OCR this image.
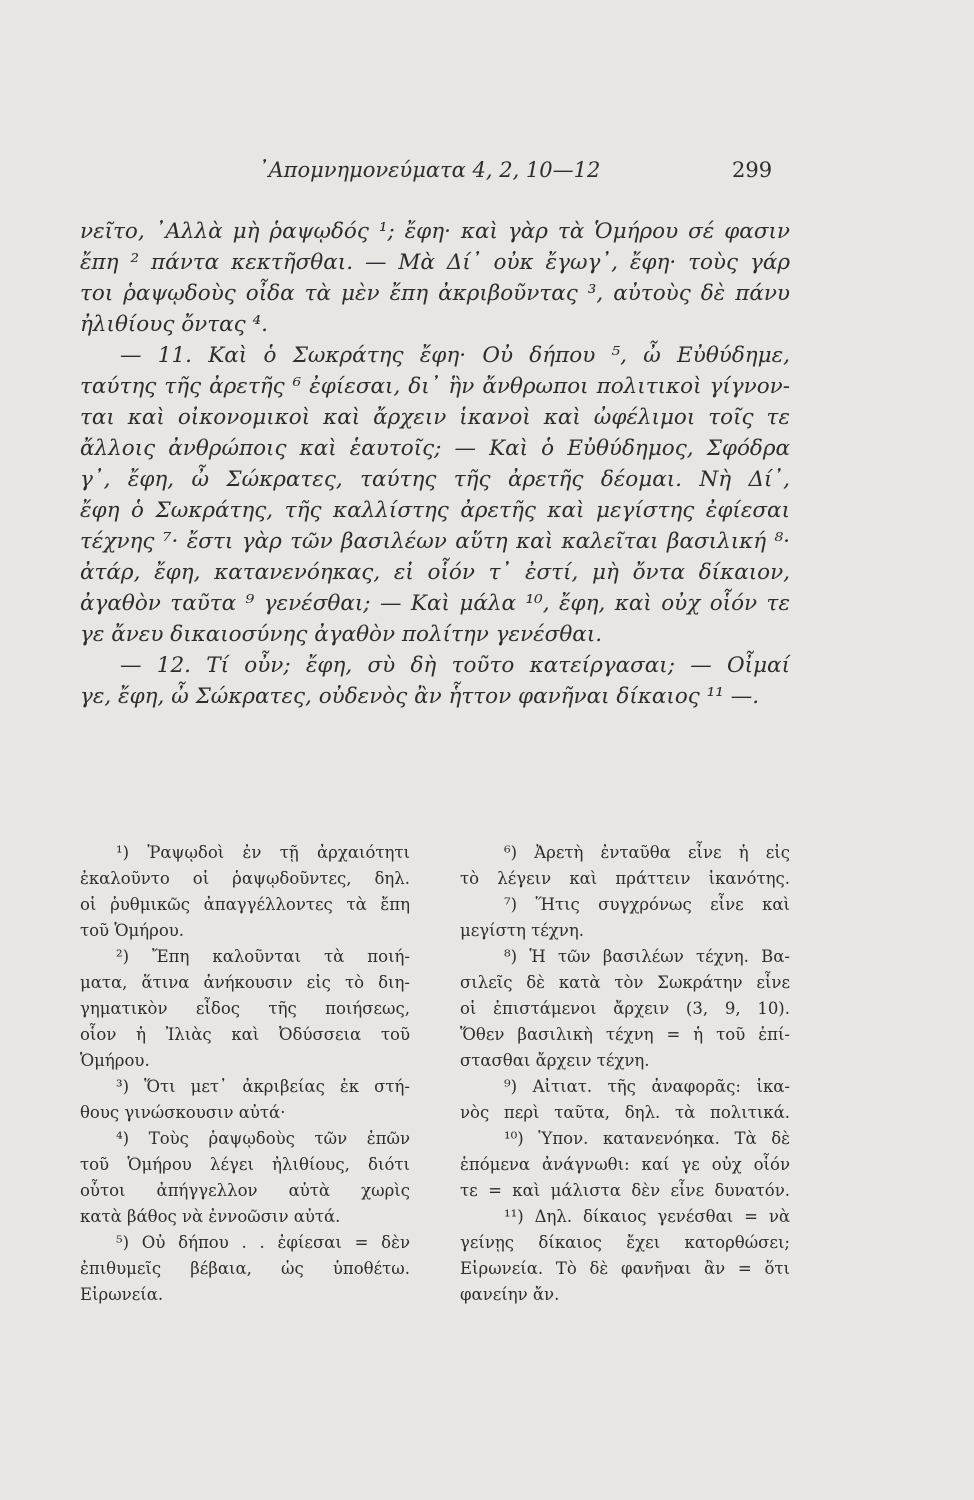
᾿Απομνημονεύματα 4, 2, 10—12	299
νεῖτο, ᾿Αλλὰ μὴ ῥαψῳδός ¹; ἔφη· καὶ γὰρ τὰ Ὁμήρου σέ φασιν
ἔπη ² πάντα κεκτῆσθαι. — Μὰ Δί᾿ οὐκ ἔγωγ᾿, ἔφη· τοὺς γάρ
τοι ῥαψῳδοὺς οἶδα τὰ μὲν ἔπη ἀκριβοῦντας ³, αὐτοὺς δὲ πάνυ
ἠλιθίους ὄντας ⁴.
— 11. Καὶ ὁ Σωκράτης ἔφη· Οὐ δήπου ⁵, ὦ Εὐθύδημε,
ταύτης τῆς ἀρετῆς ⁶ ἐφίεσαι, δι᾿ ἣν ἄνθρωποι πολιτικοὶ γίγνον-
ται καὶ οἰκονομικοὶ καὶ ἄρχειν ἱκανοὶ καὶ ὠφέλιμοι τοῖς τε
ἄλλοις ἀνθρώποις καὶ ἑαυτοῖς; — Καὶ ὁ Εὐθύδημος, Σφόδρα
γ᾿, ἔφη, ὦ Σώκρατες, ταύτης τῆς ἀρετῆς δέομαι. Νὴ Δί᾿,
ἔφη ὁ Σωκράτης, τῆς καλλίστης ἀρετῆς καὶ μεγίστης ἐφίεσαι
τέχνης ⁷· ἔστι γὰρ τῶν βασιλέων αὕτη καὶ καλεῖται βασιλική ⁸·
ἀτάρ, ἔφη, κατανενόηκας, εἰ οἷόν τ᾿ ἐστί, μὴ ὄντα δίκαιον,
ἀγαθὸν ταῦτα ⁹ γενέσθαι; — Καὶ μάλα ¹⁰, ἔφη, καὶ οὐχ οἷόν τε
γε ἄνευ δικαιοσύνης ἀγαθὸν πολίτην γενέσθαι.
— 12. Τί οὖν; ἔφη, σὺ δὴ τοῦτο κατείργασαι; — Οἶμαί
γε, ἔφη, ὦ Σώκρατες, οὐδενὸς ἂν ἧττον φανῆναι δίκαιος ¹¹ —.
¹) Ῥαψῳδοὶ ἐν τῇ ἀρχαιότητι
ἐκαλοῦντο οἱ ῥαψῳδοῦντες, δηλ.
οἱ ῥυθμικῶς ἀπαγγέλλοντες τὰ ἔπη
τοῦ Ὁμήρου.
²) Ἔπη καλοῦνται τὰ ποιή-
ματα, ἅτινα ἀνήκουσιν εἰς τὸ διη-
γηματικὸν εἶδος τῆς ποιήσεως,
οἷον ἡ Ἰλιὰς καὶ Ὀδύσσεια τοῦ
Ὁμήρου.
³) Ὅτι μετ᾿ ἀκριβείας ἐκ στή-
θους γινώσκουσιν αὐτά·
⁴) Τοὺς ῥαψῳδοὺς τῶν ἐπῶν
τοῦ Ὁμήρου λέγει ἠλιθίους, διότι
οὗτοι ἀπήγγελλον αὐτὰ χωρὶς
κατὰ βάθος νὰ ἐννοῶσιν αὐτά.
⁵) Οὐ δήπου . . ἐφίεσαι = δὲν
ἐπιθυμεῖς βέβαια, ὡς ὑποθέτω.
Εἰρωνεία.
⁶) Ἀρετὴ ἐνταῦθα εἶνε ἡ εἰς
τὸ λέγειν καὶ πράττειν ἱκανότης.
⁷) Ἥτις συγχρόνως εἶνε καὶ
μεγίστη τέχνη.
⁸) Ἡ τῶν βασιλέων τέχνη. Βα-
σιλεῖς δὲ κατὰ τὸν Σωκράτην εἶνε
οἱ ἐπιστάμενοι ἄρχειν (3, 9, 10).
Ὅθεν βασιλικὴ τέχνη = ἡ τοῦ ἐπί-
στασθαι ἄρχειν τέχνη.
⁹) Αἰτιατ. τῆς ἀναφορᾶς: ἱκα-
νὸς περὶ ταῦτα, δηλ. τὰ πολιτικά.
¹⁰) Ὑπον. κατανενόηκα. Τὰ δὲ
ἑπόμενα ἀνάγνωθι: καί γε οὐχ οἷόν
τε = καὶ μάλιστα δὲν εἶνε δυνατόν.
¹¹) Δηλ. δίκαιος γενέσθαι = νὰ
γείνῃς δίκαιος ἔχει κατορθώσει;
Εἰρωνεία. Τὸ δὲ φανῆναι ἂν = ὅτι
φανείην ἄν.
